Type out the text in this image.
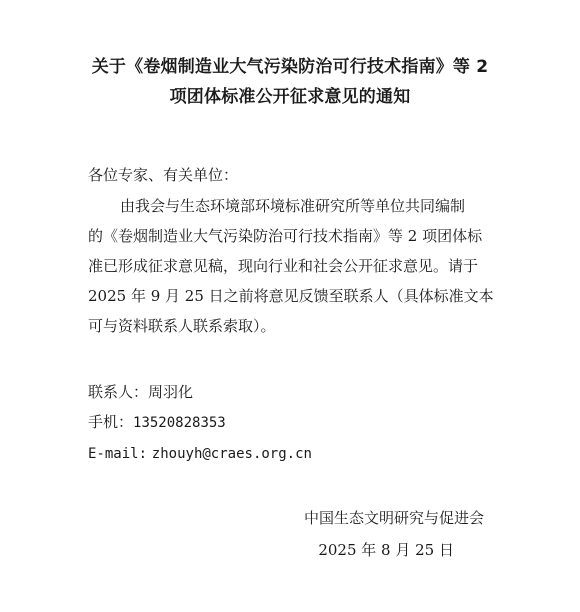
关于《卷烟制造业大气污染防治可行技术指南》等 2
项团体标准公开征求意见的通知
各位专家、有关单位：
由我会与生态环境部环境标准研究所等单位共同编制
的《卷烟制造业大气污染防治可行技术指南》等 2 项团体标
准已形成征求意见稿，现向行业和社会公开征求意见。请于
2025 年 9 月 25 日之前将意见反馈至联系人（具体标准文本
可与资料联系人联系索取）。
联系人：周羽化
手机：13520828353
E-mail: zhouyh@craes.org.cn
中国生态文明研究与促进会
2025 年 8 月 25 日
